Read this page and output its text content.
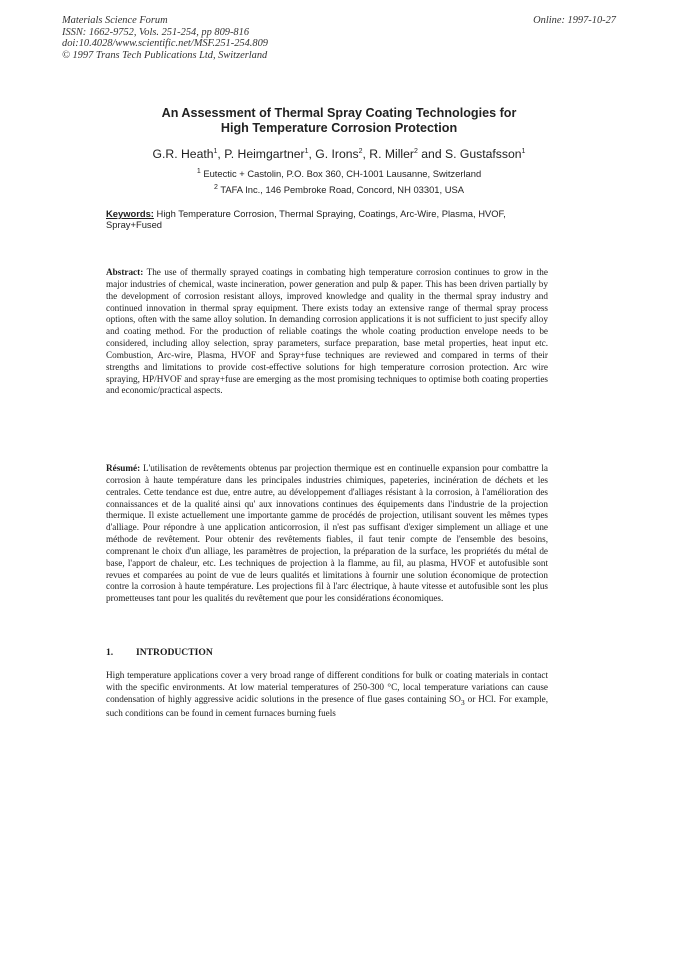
Materials Science Forum
ISSN: 1662-9752, Vols. 251-254, pp 809-816
doi:10.4028/www.scientific.net/MSF.251-254.809
© 1997 Trans Tech Publications Ltd, Switzerland
Online: 1997-10-27
An Assessment of Thermal Spray Coating Technologies for
High Temperature Corrosion Protection
G.R. Heath$^1$, P. Heimgartner$^1$, G. Irons$^2$, R. Miller$^2$ and S. Gustafsson$^1$
$^1$ Eutectic + Castolin, P.O. Box 360, CH-1001 Lausanne, Switzerland
$^2$ TAFA Inc., 146 Pembroke Road, Concord, NH 03301, USA
Keywords: High Temperature Corrosion, Thermal Spraying, Coatings, Arc-Wire, Plasma, HVOF, Spray+Fused
Abstract: The use of thermally sprayed coatings in combating high temperature corrosion continues to grow in the major industries of chemical, waste incineration, power generation and pulp & paper. This has been driven partially by the development of corrosion resistant alloys, improved knowledge and quality in the thermal spray industry and continued innovation in thermal spray equipment. There exists today an extensive range of thermal spray process options, often with the same alloy solution. In demanding corrosion applications it is not sufficient to just specify alloy and coating method. For the production of reliable coatings the whole coating production envelope needs to be considered, including alloy selection, spray parameters, surface preparation, base metal properties, heat input etc. Combustion, Arc-wire, Plasma, HVOF and Spray+fuse techniques are reviewed and compared in terms of their strengths and limitations to provide cost-effective solutions for high temperature corrosion protection. Arc wire spraying, HP/HVOF and spray+fuse are emerging as the most promising techniques to optimise both coating properties and economic/practical aspects.
Résumé: L'utilisation de revêtements obtenus par projection thermique est en continuelle expansion pour combattre la corrosion à haute température dans les principales industries chimiques, papeteries, incinération de déchets et les centrales. Cette tendance est due, entre autre, au développement d'alliages résistant à la corrosion, à l'amélioration des connaissances et de la qualité ainsi qu' aux innovations continues des équipements dans l'industrie de la projection thermique. Il existe actuellement une importante gamme de procédés de projection, utilisant souvent les mêmes types d'alliage. Pour répondre à une application anticorrosion, il n'est pas suffisant d'exiger simplement un alliage et une méthode de revêtement. Pour obtenir des revêtements fiables, il faut tenir compte de l'ensemble des besoins, comprenant le choix d'un alliage, les paramètres de projection, la préparation de la surface, les propriétés du métal de base, l'apport de chaleur, etc. Les techniques de projection à la flamme, au fil, au plasma, HVOF et autofusible sont revues et comparées au point de vue de leurs qualités et limitations à fournir une solution économique de protection contre la corrosion à haute température. Les projections fil à l'arc électrique, à haute vitesse et autofusible sont les plus prometteuses tant pour les qualités du revêtement que pour les considérations économiques.
1. INTRODUCTION
High temperature applications cover a very broad range of different conditions for bulk or coating materials in contact with the specific environments. At low material temperatures of 250-300 °C, local temperature variations can cause condensation of highly aggressive acidic solutions in the presence of flue gases containing $SO_3$ or HCl. For example, such conditions can be found in cement furnaces burning fuels
